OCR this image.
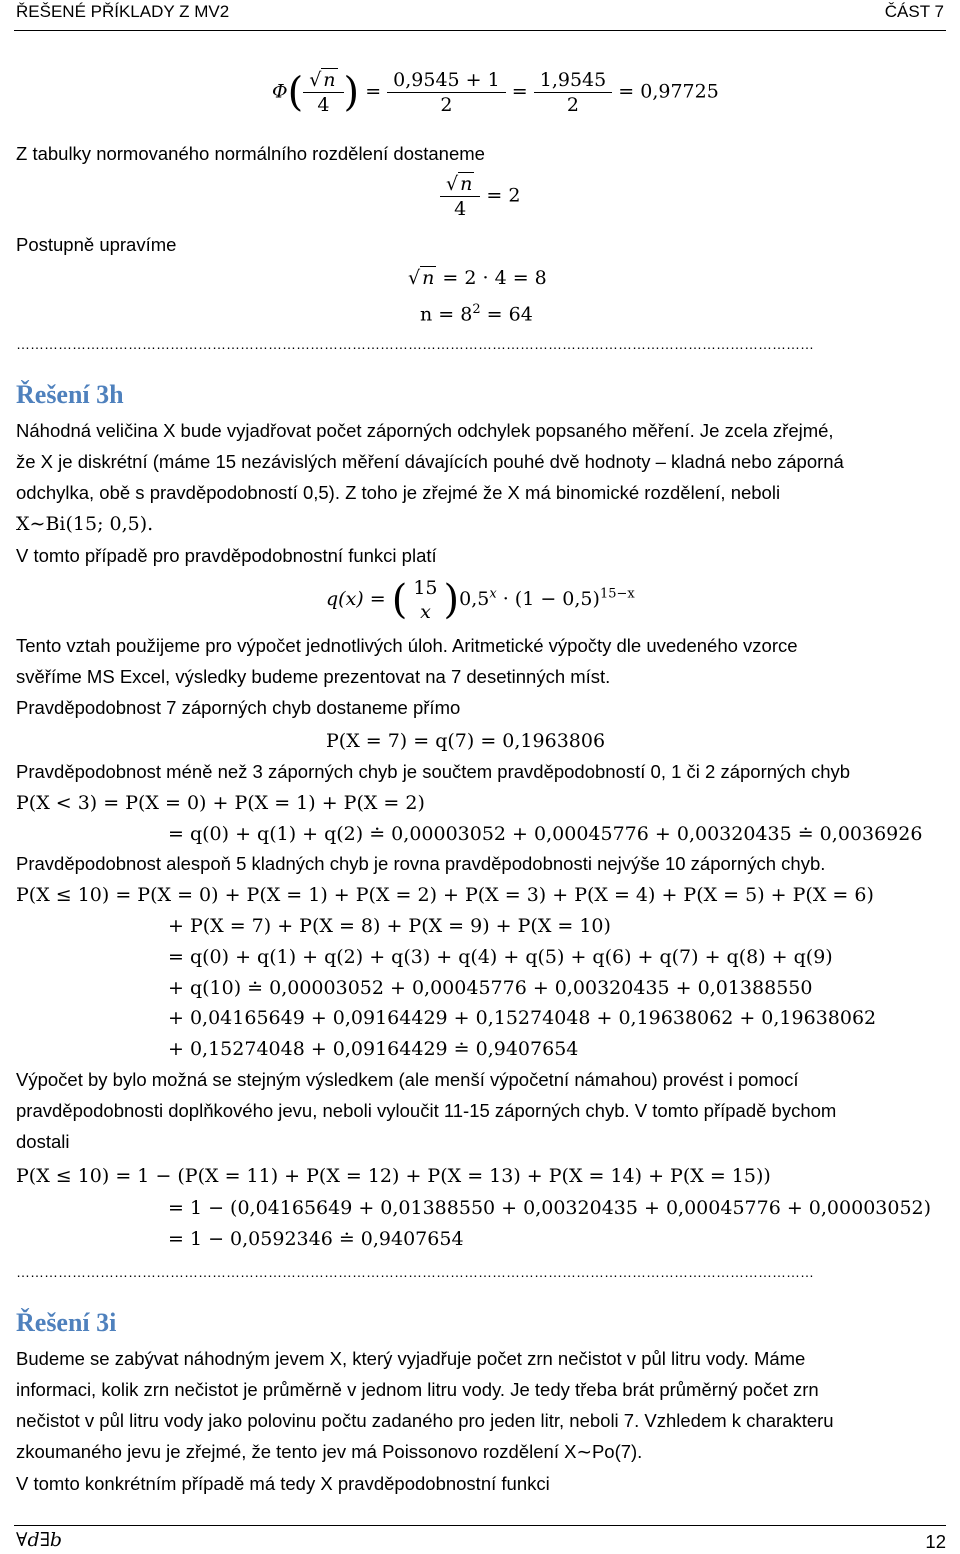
ŘEŠENÉ PŘÍKLADY Z MV2	ČÁST 7
$\Phi( \frac{√ n}{4}$ ) = $\frac{0,9545 + 1}{2} = \frac{1,9545}{2} = 0,97725$
Z tabulky normovaného normálního rozdělení dostaneme
$\frac{√ n}{4} = 2$
Postupně upravíme
√ n = 2 · 4 = 8
$n = 8^2 = 64$
………………………………………………………………………………………………………………………………………………………
Řešení 3h
Náhodná veličina X bude vyjadřovat počet záporných odchylek popsaného měření. Je zcela zřejmé,
že X je diskrétní (máme 15 nezávislých měření dávajících pouhé dvě hodnoty – kladná nebo záporná
odchylka, obě s pravděpodobností 0,5). Z toho je zřejmé že X má binomické rozdělení, neboli
X∼Bi(15; 0,5).
V tomto případě pro pravděpodobnostní funkci platí
q(x) = ( 15
x )$0,5^x \cdot (1 - 0,5)^{15-x}$
Tento vztah použijeme pro výpočet jednotlivých úloh. Aritmetické výpočty dle uvedeného vzorce
svěříme MS Excel, výsledky budeme prezentovat na 7 desetinných míst.
Pravděpodobnost 7 záporných chyb dostaneme přímo
P(X = 7) = q(7) = 0,1963806
Pravděpodobnost méně než 3 záporných chyb je součtem pravděpodobností 0, 1 či 2 záporných chyb
P(X < 3) = P(X = 0) + P(X = 1) + P(X = 2)
= q(0) + q(1) + q(2) ≐ 0,00003052 + 0,00045776 + 0,00320435 ≐ 0,0036926
Pravděpodobnost alespoň 5 kladných chyb je rovna pravděpodobnosti nejvýše 10 záporných chyb.
P(X ≤ 10) = P(X = 0) + P(X = 1) + P(X = 2) + P(X = 3) + P(X = 4) + P(X = 5) + P(X = 6)
+ P(X = 7) + P(X = 8) + P(X = 9) + P(X = 10)
= q(0) + q(1) + q(2) + q(3) + q(4) + q(5) + q(6) + q(7) + q(8) + q(9)
+ q(10) ≐ 0,00003052 + 0,00045776 + 0,00320435 + 0,01388550
+ 0,04165649 + 0,09164429 + 0,15274048 + 0,19638062 + 0,19638062
+ 0,15274048 + 0,09164429 ≐ 0,9407654
Výpočet by bylo možná se stejným výsledkem (ale menší výpočetní námahou) provést i pomocí
pravděpodobnosti doplňkového jevu, neboli vyloučit 11-15 záporných chyb. V tomto případě bychom
dostali
P(X ≤ 10) = 1 − (P(X = 11) + P(X = 12) + P(X = 13) + P(X = 14) + P(X = 15))
= 1 − (0,04165649 + 0,01388550 + 0,00320435 + 0,00045776 + 0,00003052)
= 1 − 0,0592346 ≐ 0,9407654
………………………………………………………………………………………………………………………………………………………
Řešení 3i
Budeme se zabývat náhodným jevem X, který vyjadřuje počet zrn nečistot v půl litru vody. Máme
informaci, kolik zrn nečistot je průměrně v jednom litru vody. Je tedy třeba brát průměrný počet zrn
nečistot v půl litru vody jako polovinu počtu zadaného pro jeden litr, neboli 7. Vzhledem k charakteru
zkoumaného jevu je zřejmé, že tento jev má Poissonovo rozdělení X∼Po(7).
V tomto konkrétním případě má tedy X pravděpodobnostní funkci
∀d∃b	12
